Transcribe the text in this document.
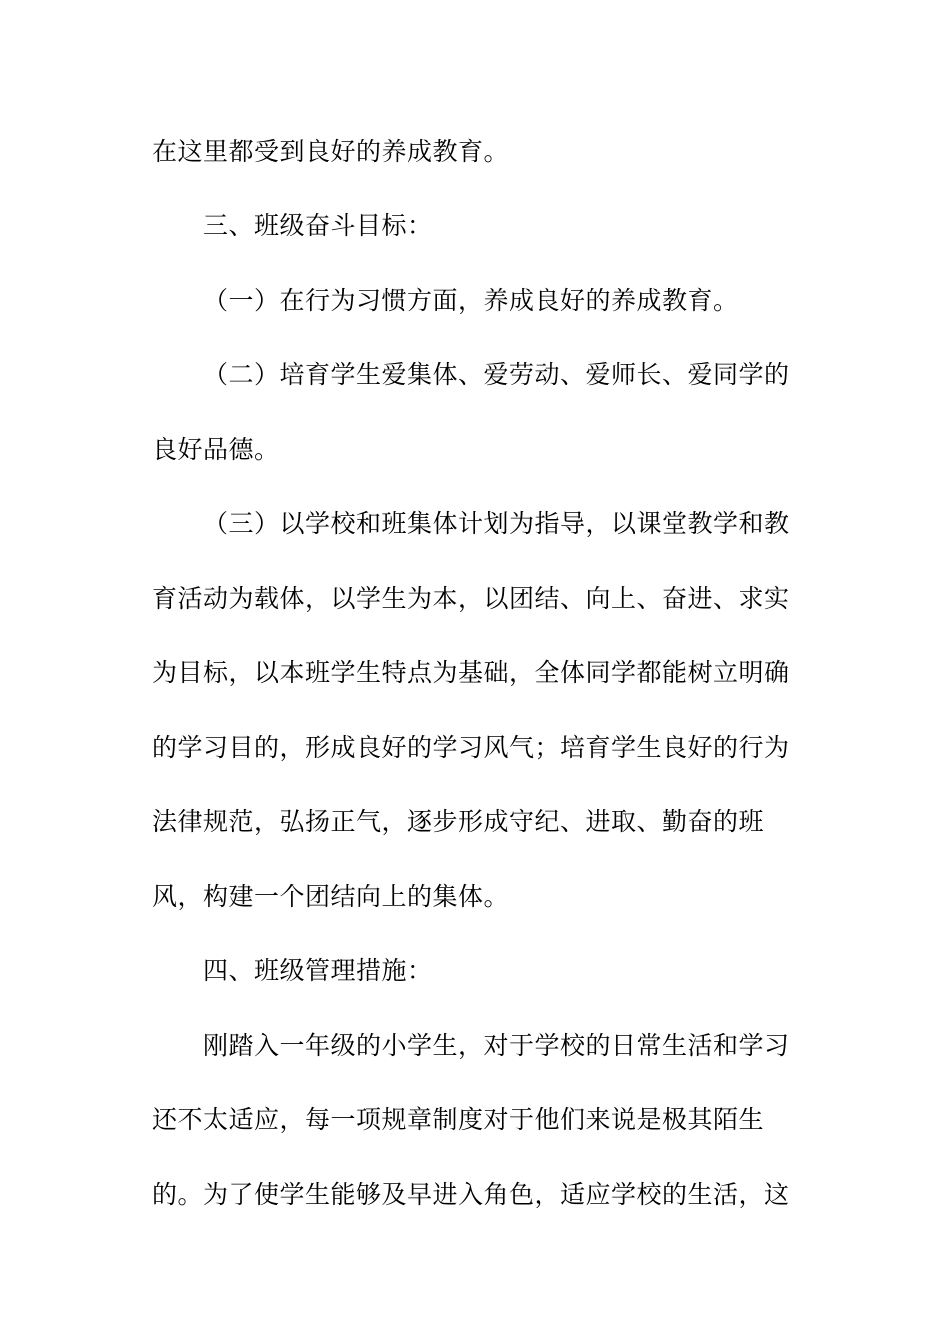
在这里都受到良好的养成教育。
三、班级奋斗目标：
（一）在行为习惯方面，养成良好的养成教育。
（二）培育学生爱集体、爱劳动、爱师长、爱同学的
良好品德。
（三）以学校和班集体计划为指导，以课堂教学和教
育活动为载体，以学生为本，以团结、向上、奋进、求实
为目标，以本班学生特点为基础，全体同学都能树立明确
的学习目的，形成良好的学习风气；培育学生良好的行为
法律规范，弘扬正气，逐步形成守纪、进取、勤奋的班
风，构建一个团结向上的集体。
四、班级管理措施：
刚踏入一年级的小学生，对于学校的日常生活和学习
还不太适应，每一项规章制度对于他们来说是极其陌生
的。为了使学生能够及早进入角色，适应学校的生活，这
